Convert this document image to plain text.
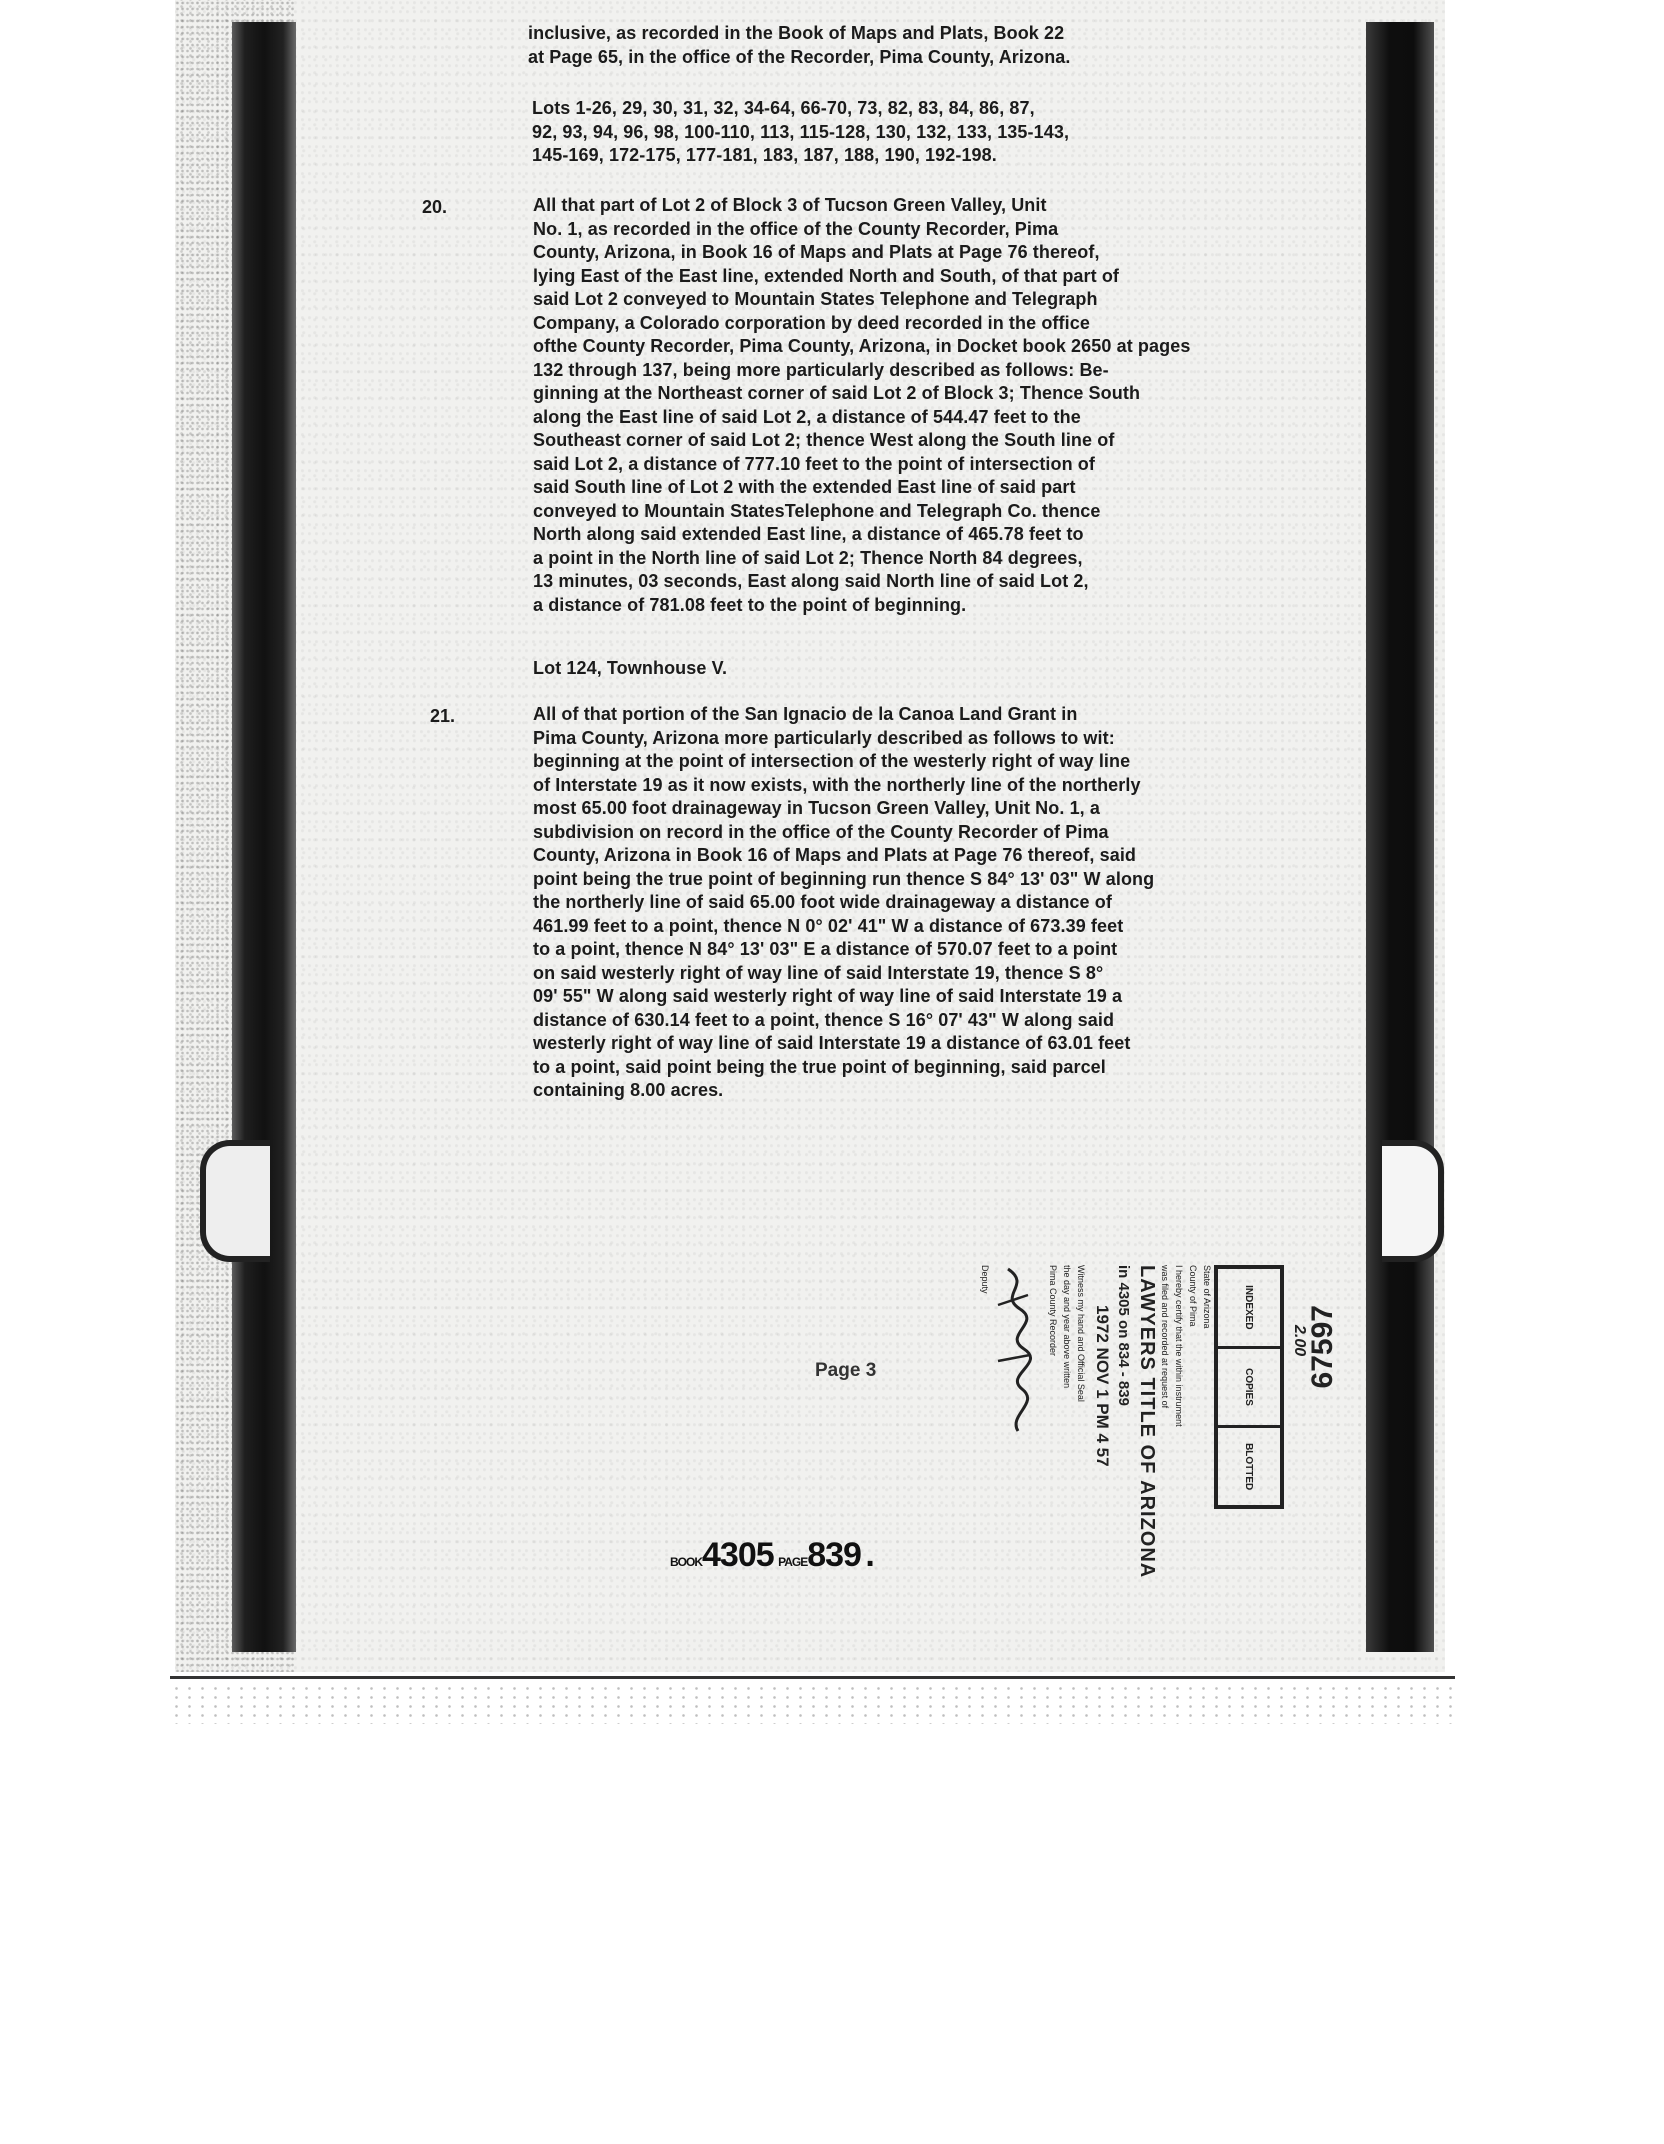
inclusive, as recorded in the Book of Maps and Plats, Book 22
at Page 65, in the office of the Recorder, Pima County, Arizona.
Lots 1-26, 29, 30, 31, 32, 34-64, 66-70, 73, 82, 83, 84, 86, 87,
92, 93, 94, 96, 98, 100-110, 113, 115-128, 130, 132, 133, 135-143,
145-169, 172-175, 177-181, 183, 187, 188, 190, 192-198.
20.	All that part of Lot 2 of Block 3 of Tucson Green Valley, Unit
No. 1, as recorded in the office of the County Recorder, Pima
County, Arizona, in Book 16 of Maps and Plats at Page 76 thereof,
lying East of the East line, extended North and South, of that part of
said Lot 2 conveyed to Mountain States Telephone and Telegraph
Company, a Colorado corporation by deed recorded in the office
ofthe County Recorder, Pima County, Arizona, in Docket book 2650 at pages
132 through 137, being more particularly described as follows: Be-
ginning at the Northeast corner of said Lot 2 of Block 3; Thence South
along the East line of said Lot 2, a distance of 544.47 feet to the
Southeast corner of said Lot 2; thence West along the South line of
said Lot 2, a distance of 777.10 feet to the point of intersection of
said South line of Lot 2 with the extended East line of said part
conveyed to Mountain StatesTelephone and Telegraph Co. thence
North along said extended East line, a distance of 465.78 feet to
a point in the North line of said Lot 2; Thence North 84 degrees,
13 minutes, 03 seconds, East along said North line of said Lot 2,
a distance of 781.08 feet to the point of beginning.
Lot 124, Townhouse V.
21.	All of that portion of the San Ignacio de la Canoa Land Grant in
Pima County, Arizona more particularly described as follows to wit:
beginning at the point of intersection of the westerly right of way line
of Interstate 19 as it now exists, with the northerly line of the northerly
most 65.00 foot drainageway in Tucson Green Valley, Unit No. 1, a
subdivision on record in the office of the County Recorder of Pima
County, Arizona in Book 16 of Maps and Plats at Page 76 thereof, said
point being the true point of beginning run thence S 84° 13' 03" W along
the northerly line of said 65.00 foot wide drainageway a distance of
461.99 feet to a point, thence N 0° 02' 41" W a distance of 673.39 feet
to a point, thence N 84° 13' 03" E a distance of 570.07 feet to a point
on said westerly right of way line of said Interstate 19, thence S 8°
09' 55" W along said westerly right of way line of said Interstate 19 a
distance of 630.14 feet to a point, thence S 16° 07' 43" W along said
westerly right of way line of said Interstate 19 a distance of 63.01 feet
to a point, said point being the true point of beginning, said parcel
containing 8.00 acres.
Page 3
BOOK4305 PAGE839 .
67597
2.00
INDEXED
COPIES
BLOTTED
State of Arizona
County of Pima
I hereby certify that the within instrument
was filed and recorded at request of
LAWYERS TITLE OF ARIZONA
in 4305 on 834 - 839
1972 NOV 1 PM 4 57
Witness my hand and Official Seal
the day and year above written
Pima County Recorder
Deputy
